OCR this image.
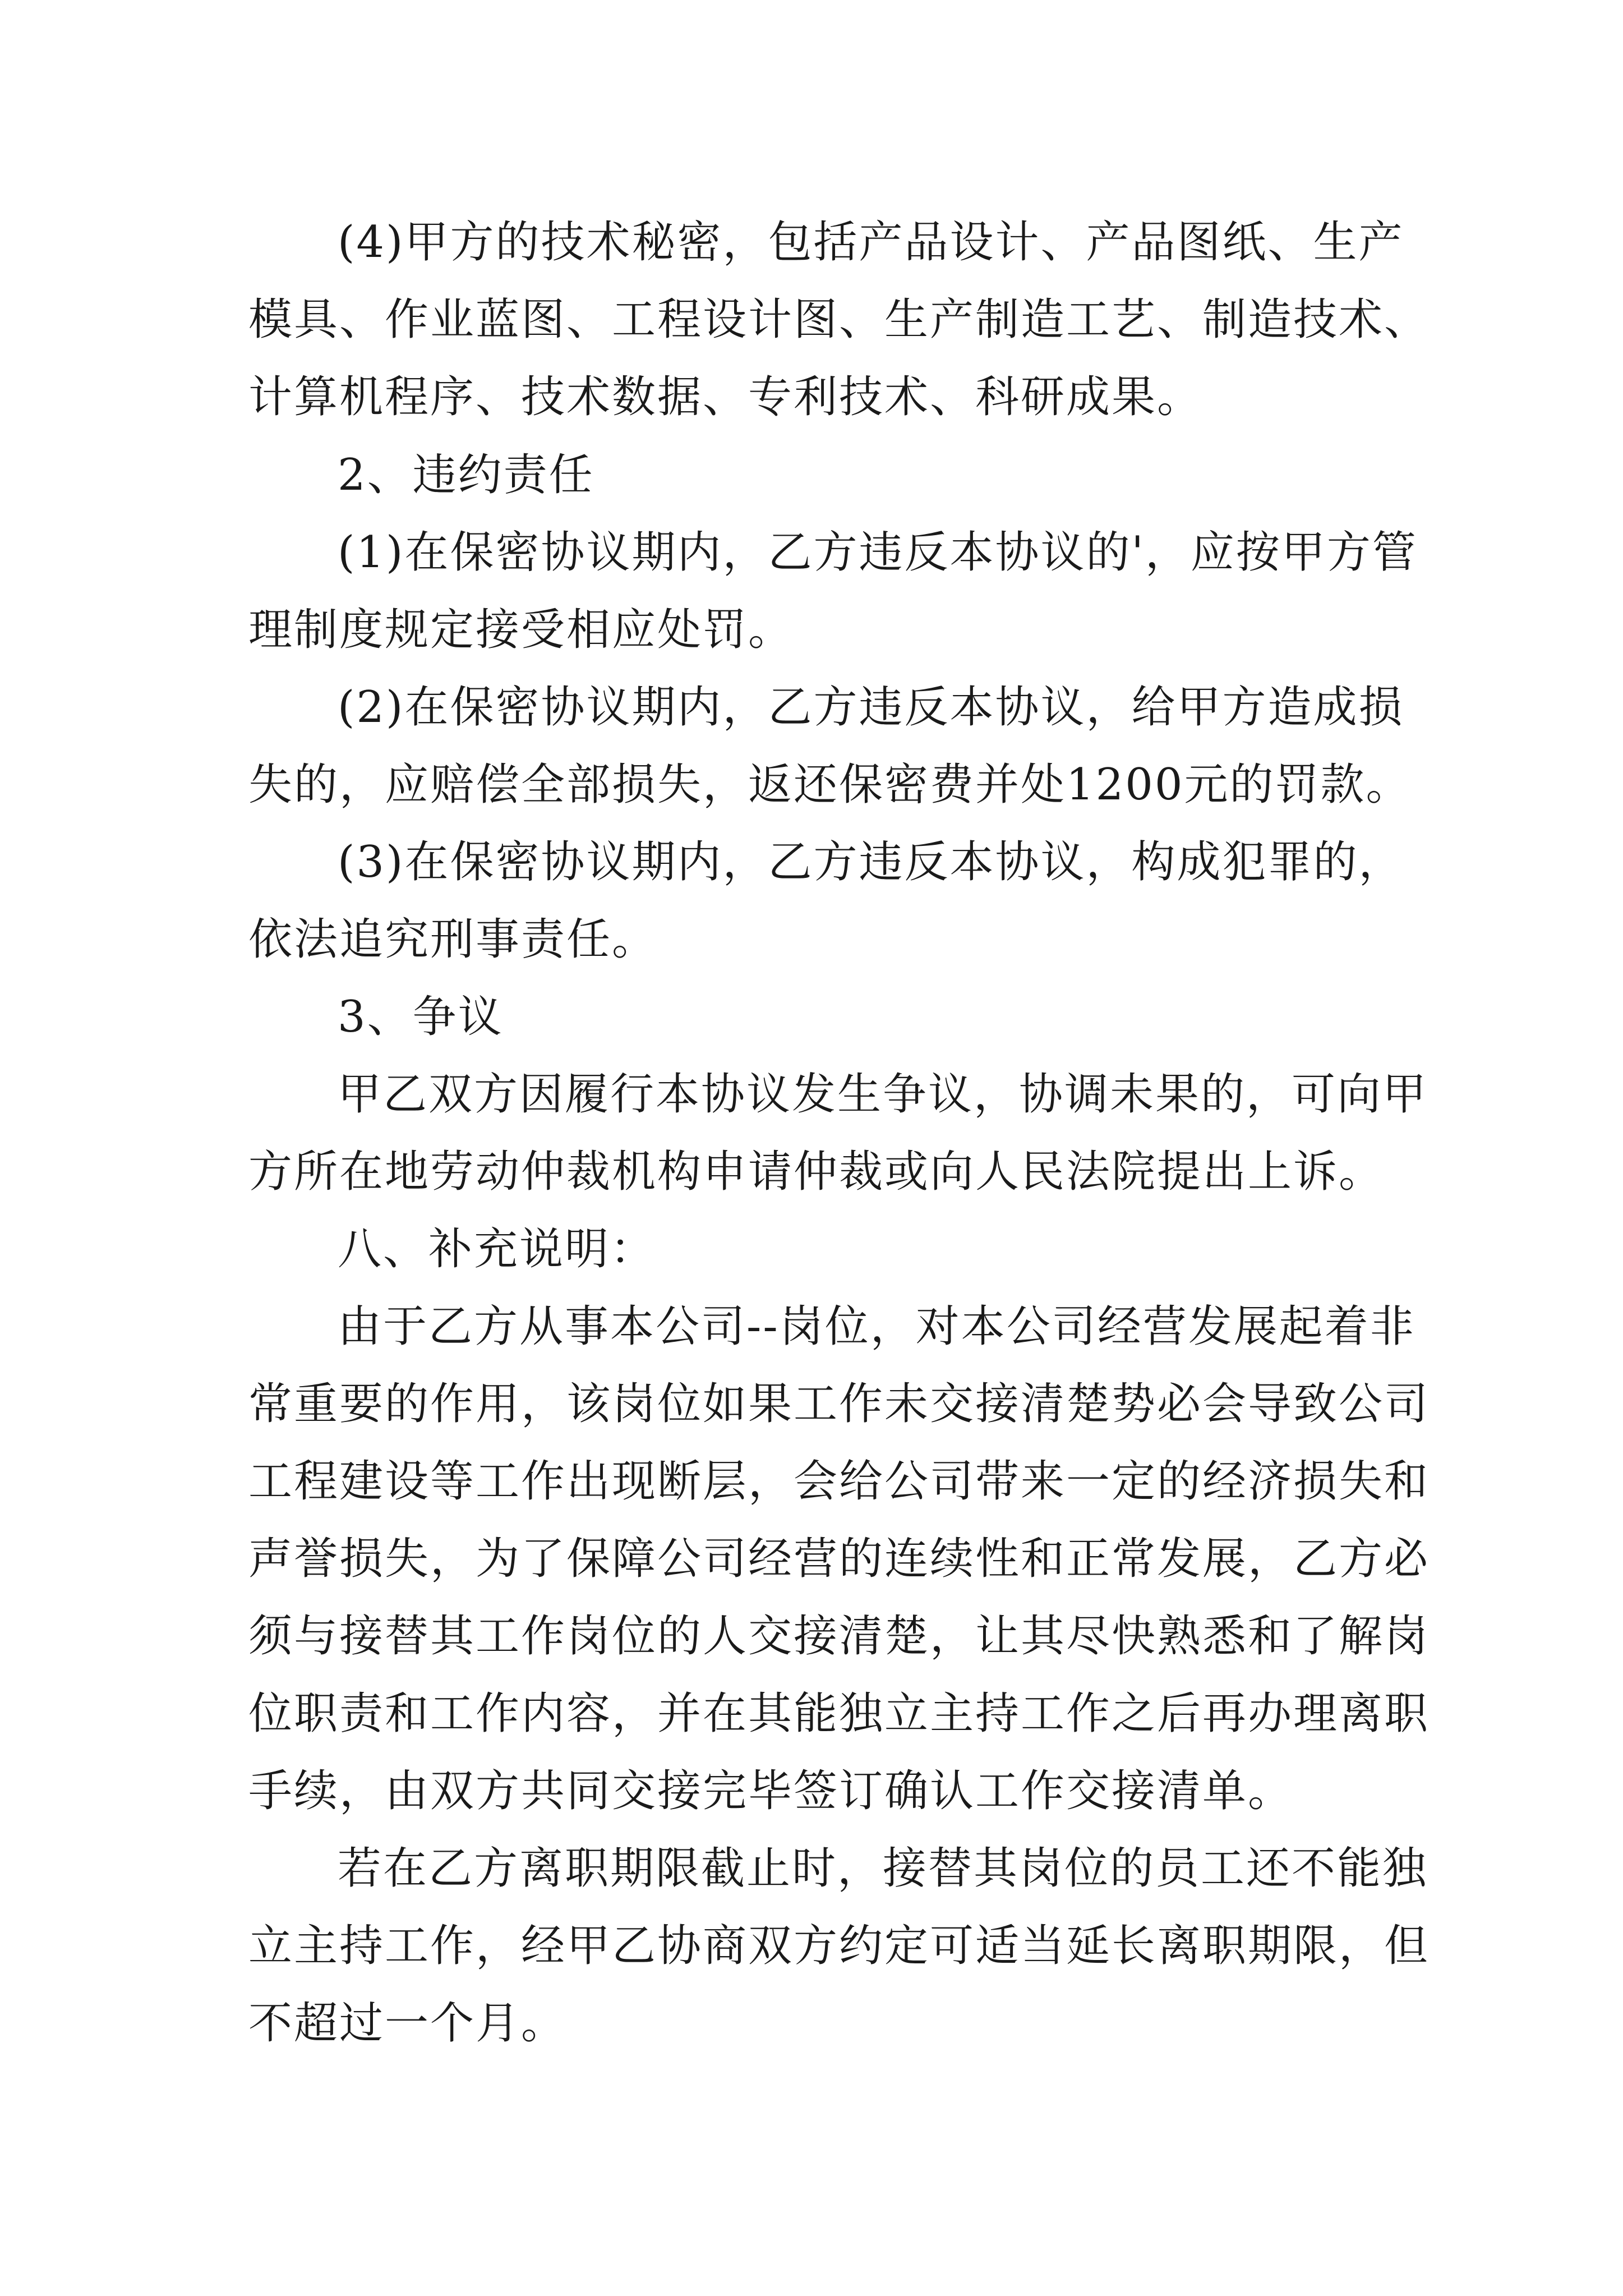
(4)甲方的技术秘密，包括产品设计、产品图纸、生产

模具、作业蓝图、工程设计图、生产制造工艺、制造技术、

计算机程序、技术数据、专利技术、科研成果。

2、违约责任

(1)在保密协议期内，乙方违反本协议的'，应按甲方管

理制度规定接受相应处罚。

(2)在保密协议期内，乙方违反本协议，给甲方造成损

失的，应赔偿全部损失，返还保密费并处1200元的罚款。

(3)在保密协议期内，乙方违反本协议，构成犯罪的，

依法追究刑事责任。

3、争议

甲乙双方因履行本协议发生争议，协调未果的，可向甲

方所在地劳动仲裁机构申请仲裁或向人民法院提出上诉。

八、补充说明：

由于乙方从事本公司--岗位，对本公司经营发展起着非

常重要的作用，该岗位如果工作未交接清楚势必会导致公司

工程建设等工作出现断层，会给公司带来一定的经济损失和

声誉损失，为了保障公司经营的连续性和正常发展，乙方必

须与接替其工作岗位的人交接清楚，让其尽快熟悉和了解岗

位职责和工作内容，并在其能独立主持工作之后再办理离职

手续，由双方共同交接完毕签订确认工作交接清单。

若在乙方离职期限截止时，接替其岗位的员工还不能独

立主持工作，经甲乙协商双方约定可适当延长离职期限，但

不超过一个月。
